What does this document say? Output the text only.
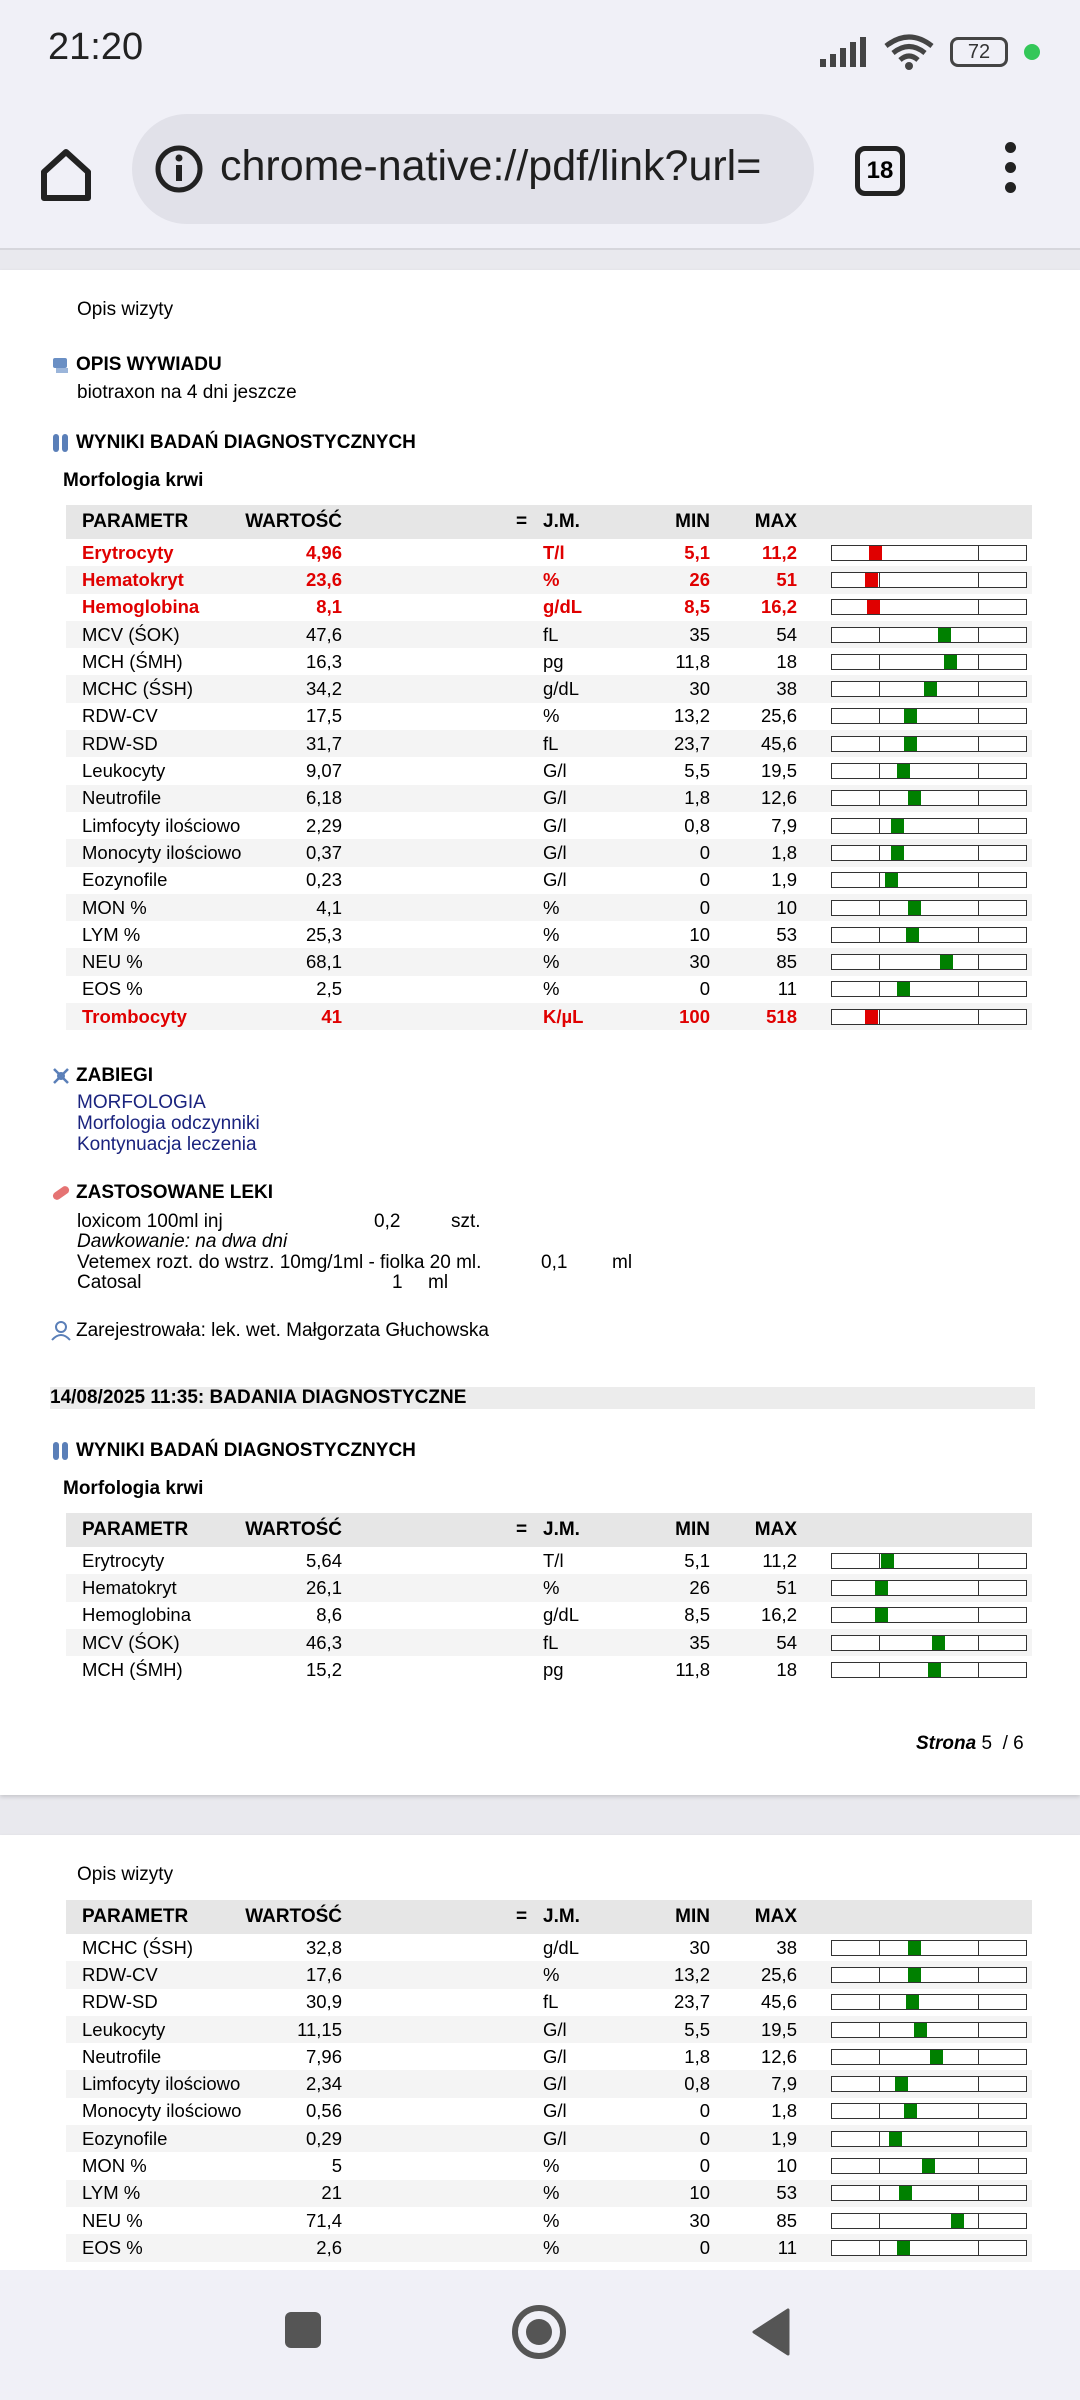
21:20	72
chrome-native://pdf/link?url=	18
Opis wizyty
OPIS WYWIADU
biotraxon na 4 dni jeszcze
WYNIKI BADAŃ DIAGNOSTYCZNYCH
Morfologia krwi
PARAMETR	WARTOŚĆ	= J.M.	MIN MAX
Erytrocyty	4,96	T/l	5,1	11,2
Hematokryt	23,6	%	26	51
Hemoglobina	8,1	g/dL	8,5	16,2
MCV (ŚOK)	47,6	fL	35	54
MCH (ŚMH)	16,3	pg	11,8	18
MCHC (ŚSH)	34,2	g/dL	30	38
RDW-CV	17,5	%	13,2	25,6
RDW-SD	31,7	fL	23,7	45,6
Leukocyty	9,07	G/l	5,5	19,5
Neutrofile	6,18	G/l	1,8	12,6
Limfocyty ilościowo	2,29	G/l	0,8	7,9
Monocyty ilościowo	0,37	G/l	0	1,8
Eozynofile	0,23	G/l	0	1,9
MON %	4,1	%	0	10
LYM %	25,3	%	10	53
NEU %	68,1	%	30	85
EOS %	2,5	%	0	11
Trombocyty	41	K/µL	100	518
ZABIEGI
MORFOLOGIA
Morfologia odczynniki
Kontynuacja leczenia
ZASTOSOWANE LEKI
loxicom 100ml inj	0,2	szt.
Dawkowanie: na dwa dni
Vetemex rozt. do wstrz. 10mg/1ml - fiolka 20 ml.	0,1 ml
Catosal	1 ml
Zarejestrowała: lek. wet. Małgorzata Głuchowska
14/08/2025 11:35: BADANIA DIAGNOSTYCZNE
WYNIKI BADAŃ DIAGNOSTYCZNYCH
Morfologia krwi
PARAMETR	WARTOŚĆ	= J.M.	MIN MAX
Erytrocyty	5,64	T/l	5,1	11,2
Hematokryt	26,1	%	26	51
Hemoglobina	8,6	g/dL	8,5	16,2
MCV (ŚOK)	46,3	fL	35	54
MCH (ŚMH)	15,2	pg	11,8	18
Strona 5 / 6
Opis wizyty
PARAMETR	WARTOŚĆ	= J.M.	MIN MAX
MCHC (ŚSH)	32,8	g/dL	30	38
RDW-CV	17,6	%	13,2	25,6
RDW-SD	30,9	fL	23,7	45,6
Leukocyty	11,15	G/l	5,5	19,5
Neutrofile	7,96	G/l	1,8	12,6
Limfocyty ilościowo	2,34	G/l	0,8	7,9
Monocyty ilościowo	0,56	G/l	0	1,8
Eozynofile	0,29	G/l	0	1,9
MON %	5	%	0	10
LYM %	21	%	10	53
NEU %	71,4	%	30	85
EOS %	2,6	%	0	11
